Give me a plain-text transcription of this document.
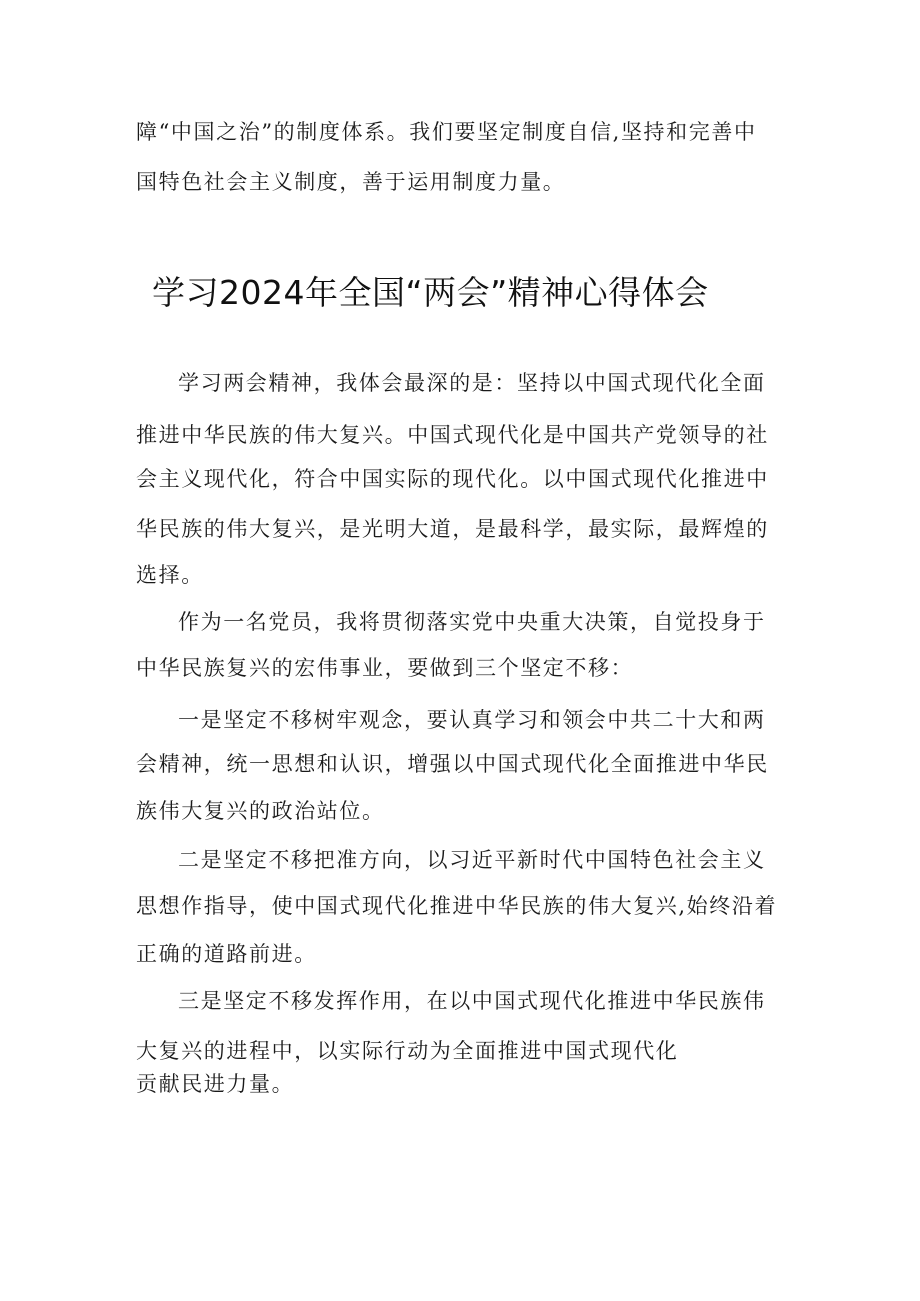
障“中国之治”的制度体系。我们要坚定制度自信,坚持和完善中
国特色社会主义制度，善于运用制度力量。
学习2024年全国“两会”精神心得体会
学习两会精神，我体会最深的是：坚持以中国式现代化全面
推进中华民族的伟大复兴。中国式现代化是中国共产党领导的社
会主义现代化，符合中国实际的现代化。以中国式现代化推进中
华民族的伟大复兴，是光明大道，是最科学，最实际，最辉煌的
选择。
作为一名党员，我将贯彻落实党中央重大决策，自觉投身于
中华民族复兴的宏伟事业，要做到三个坚定不移：
一是坚定不移树牢观念，要认真学习和领会中共二十大和两
会精神，统一思想和认识，增强以中国式现代化全面推进中华民
族伟大复兴的政治站位。
二是坚定不移把准方向，以习近平新时代中国特色社会主义
思想作指导，使中国式现代化推进中华民族的伟大复兴,始终沿着
正确的道路前进。
三是坚定不移发挥作用，在以中国式现代化推进中华民族伟
大复兴的进程中，以实际行动为全面推进中国式现代化
贡献民进力量。
